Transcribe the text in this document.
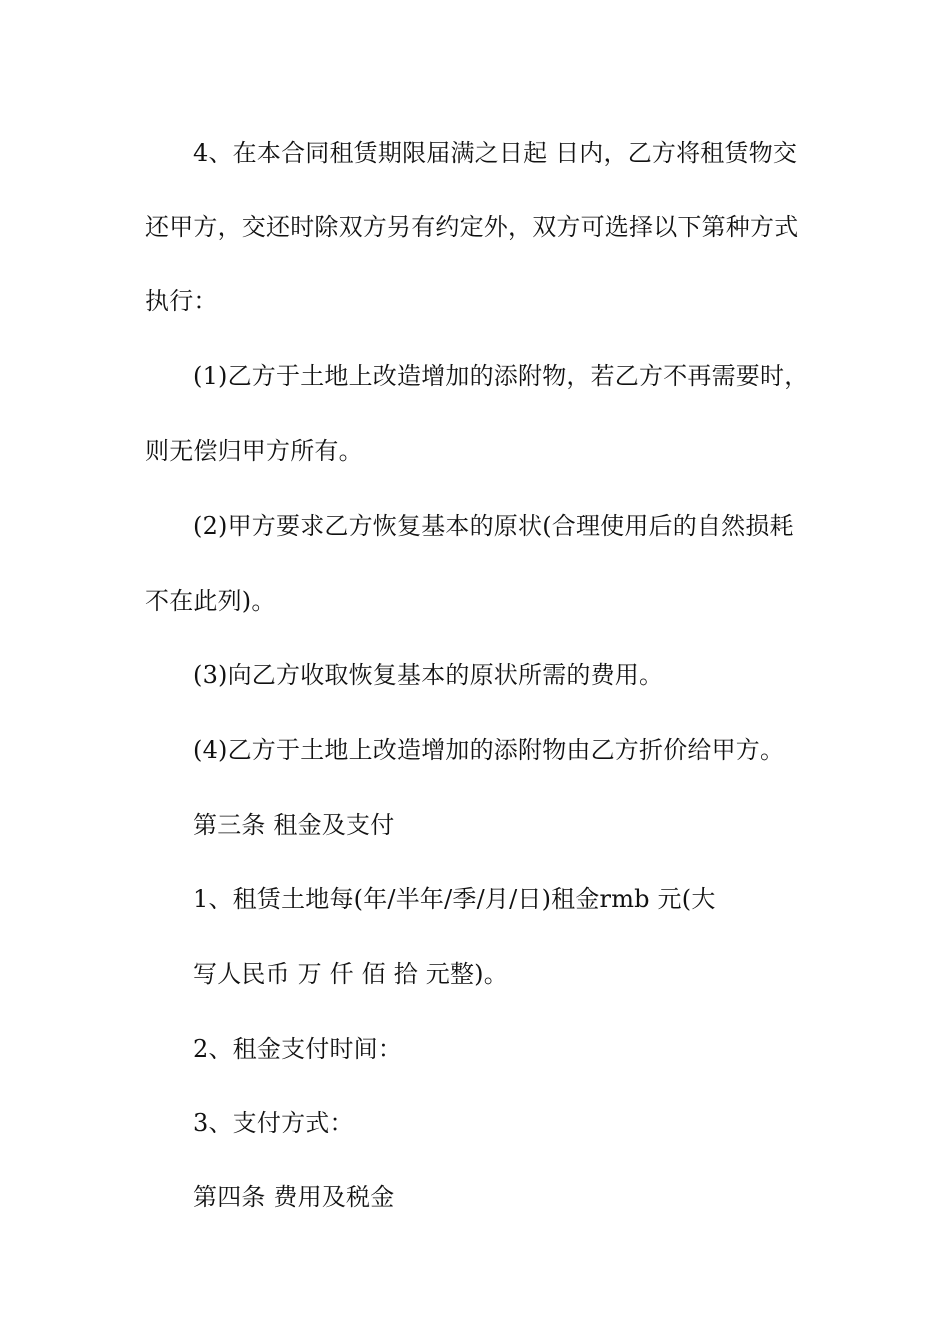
4、在本合同租赁期限届满之日起 日内，乙方将租赁物交
还甲方，交还时除双方另有约定外，双方可选择以下第种方式
执行：
(1)乙方于土地上改造增加的添附物，若乙方不再需要时，
则无偿归甲方所有。
(2)甲方要求乙方恢复基本的原状(合理使用后的自然损耗
不在此列)。
(3)向乙方收取恢复基本的原状所需的费用。
(4)乙方于土地上改造增加的添附物由乙方折价给甲方。
第三条 租金及支付
1、租赁土地每(年/半年/季/月/日)租金rmb 元(大
写人民币 万 仟 佰 拾 元整)。
2、租金支付时间：
3、支付方式：
第四条 费用及税金
